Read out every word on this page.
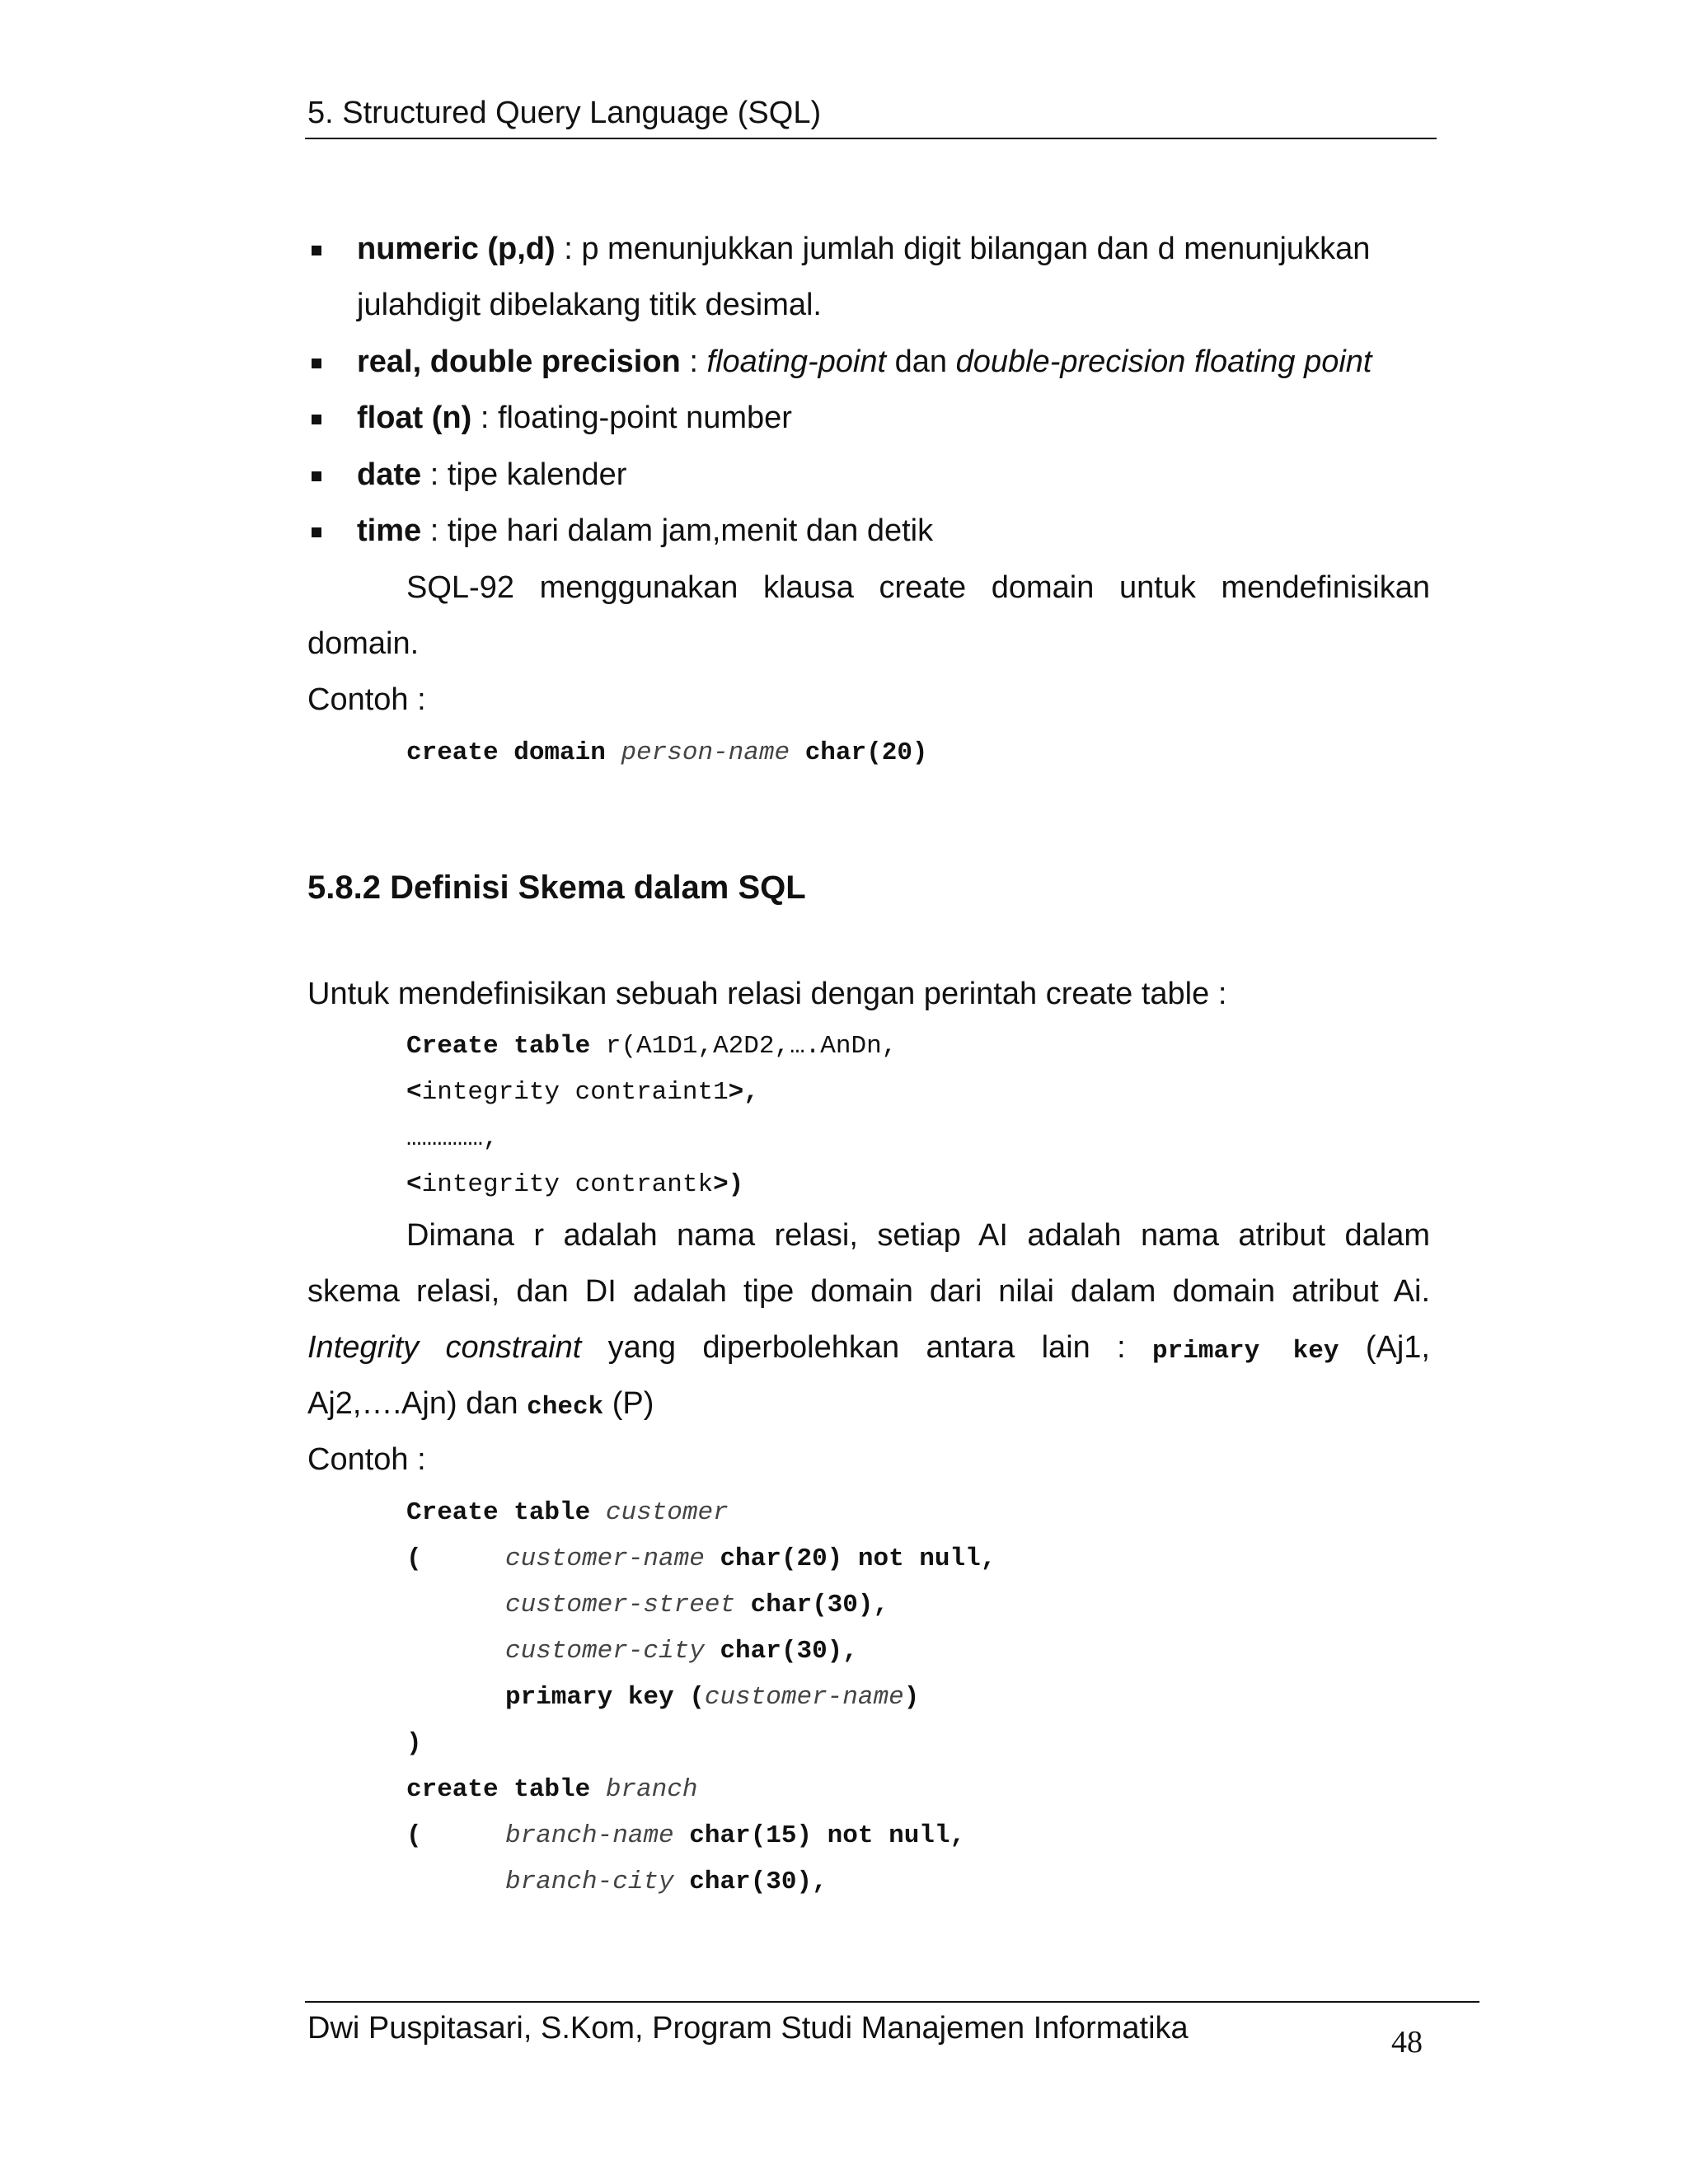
5. Structured Query Language (SQL)
numeric (p,d) : p menunjukkan jumlah digit bilangan dan d menunjukkan
julahdigit dibelakang titik desimal.
real, double precision : floating-point dan double-precision floating point
float (n) : floating-point number
date : tipe kalender
time : tipe hari dalam jam,menit dan detik
SQL-92 menggunakan klausa create domain untuk mendefinisikan
domain.
Contoh :
create domain person-name char(20)
5.8.2 Definisi Skema dalam SQL
Untuk mendefinisikan sebuah relasi dengan perintah create table :
Create table r(A1D1,A2D2,….AnDn,
<integrity contraint1>,
……………,
<integrity contrantk>)
Dimana r adalah nama relasi, setiap AI adalah nama atribut dalam
skema relasi, dan DI adalah tipe domain dari nilai dalam domain atribut Ai.
Integrity constraint yang diperbolehkan antara lain : primary key (Aj1,
Aj2,….Ajn) dan check (P)
Contoh :
Create table customer
(	customer-name char(20) not null,
customer-street char(30),
customer-city char(30),
primary key (customer-name)
)
create table branch
(	branch-name char(15) not null,
branch-city char(30),
Dwi Puspitasari, S.Kom, Program Studi Manajemen Informatika	48
